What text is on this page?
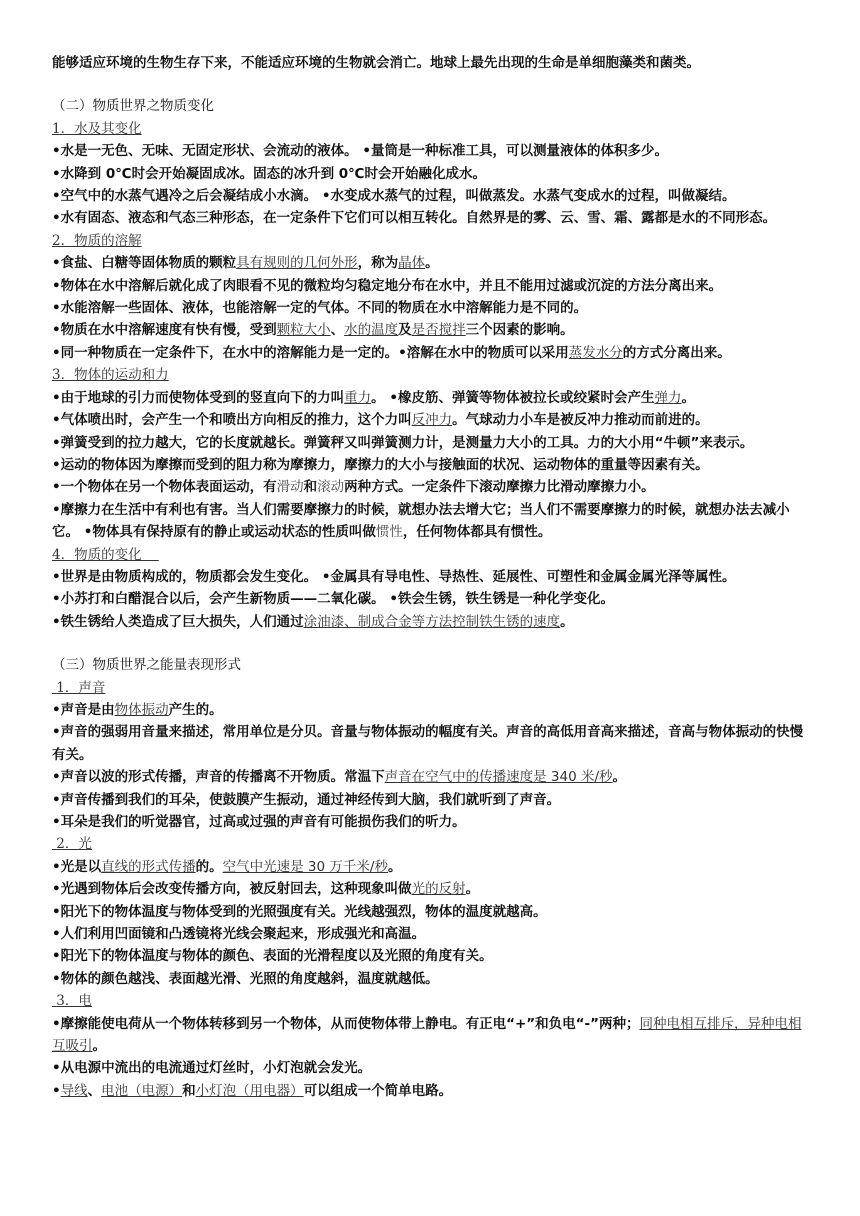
能够适应环境的生物生存下来，不能适应环境的生物就会消亡。地球上最先出现的生命是单细胞藻类和菌类。
（二）物质世界之物质变化
1．水及其变化
•水是一无色、无味、无固定形状、会流动的液体。 •量筒是一种标准工具，可以测量液体的体积多少。
•水降到 0℃时会开始凝固成冰。固态的冰升到 0℃时会开始融化成水。
•空气中的水蒸气遇冷之后会凝结成小水滴。 •水变成水蒸气的过程，叫做蒸发。水蒸气变成水的过程，叫做凝结。
•水有固态、液态和气态三种形态，在一定条件下它们可以相互转化。自然界是的雾、云、雪、霜、露都是水的不同形态。
2．物质的溶解
•食盐、白糖等固体物质的颗粒具有规则的几何外形，称为晶体。
•物体在水中溶解后就化成了肉眼看不见的微粒均匀稳定地分布在水中，并且不能用过滤或沉淀的方法分离出来。
•水能溶解一些固体、液体，也能溶解一定的气体。不同的物质在水中溶解能力是不同的。
•物质在水中溶解速度有快有慢，受到颗粒大小、水的温度及是否搅拌三个因素的影响。
•同一种物质在一定条件下，在水中的溶解能力是一定的。•溶解在水中的物质可以采用蒸发水分的方式分离出来。
3．物体的运动和力
•由于地球的引力而使物体受到的竖直向下的力叫重力。 •橡皮筋、弹簧等物体被拉长或绞紧时会产生弹力。
•气体喷出时，会产生一个和喷出方向相反的推力，这个力叫反冲力。气球动力小车是被反冲力推动而前进的。
•弹簧受到的拉力越大，它的长度就越长。弹簧秤又叫弹簧测力计，是测量力大小的工具。力的大小用“牛顿”来表示。
•运动的物体因为摩擦而受到的阻力称为摩擦力，摩擦力的大小与接触面的状况、运动物体的重量等因素有关。
•一个物体在另一个物体表面运动，有滑动和滚动两种方式。一定条件下滚动摩擦力比滑动摩擦力小。
•摩擦力在生活中有利也有害。当人们需要摩擦力的时候，就想办法去增大它；当人们不需要摩擦力的时候，就想办法去减小它。 •物体具有保持原有的静止或运动状态的性质叫做惯性，任何物体都具有惯性。
4．物质的变化
•世界是由物质构成的，物质都会发生变化。 •金属具有导电性、导热性、延展性、可塑性和金属金属光泽等属性。
•小苏打和白醋混合以后，会产生新物质——二氧化碳。 •铁会生锈，铁生锈是一种化学变化。
•铁生锈给人类造成了巨大损失，人们通过涂油漆、制成合金等方法控制铁生锈的速度。
（三）物质世界之能量表现形式
1．声音
•声音是由物体振动产生的。
•声音的强弱用音量来描述，常用单位是分贝。音量与物体振动的幅度有关。声音的高低用音高来描述，音高与物体振动的快慢有关。
•声音以波的形式传播，声音的传播离不开物质。常温下声音在空气中的传播速度是 340 米/秒。
•声音传播到我们的耳朵，使鼓膜产生振动，通过神经传到大脑，我们就听到了声音。
•耳朵是我们的听觉器官，过高或过强的声音有可能损伤我们的听力。
2．光
•光是以直线的形式传播的。空气中光速是 30 万千米/秒。
•光遇到物体后会改变传播方向，被反射回去，这种现象叫做光的反射。
•阳光下的物体温度与物体受到的光照强度有关。光线越强烈，物体的温度就越高。
•人们利用凹面镜和凸透镜将光线会聚起来，形成强光和高温。
•阳光下的物体温度与物体的颜色、表面的光滑程度以及光照的角度有关。
•物体的颜色越浅、表面越光滑、光照的角度越斜，温度就越低。
3．电
•摩擦能使电荷从一个物体转移到另一个物体，从而使物体带上静电。有正电“+”和负电“-”两种；同种电相互排斥，异种电相互吸引。
•从电源中流出的电流通过灯丝时，小灯泡就会发光。
•导线、电池（电源）和小灯泡（用电器）可以组成一个简单电路。
